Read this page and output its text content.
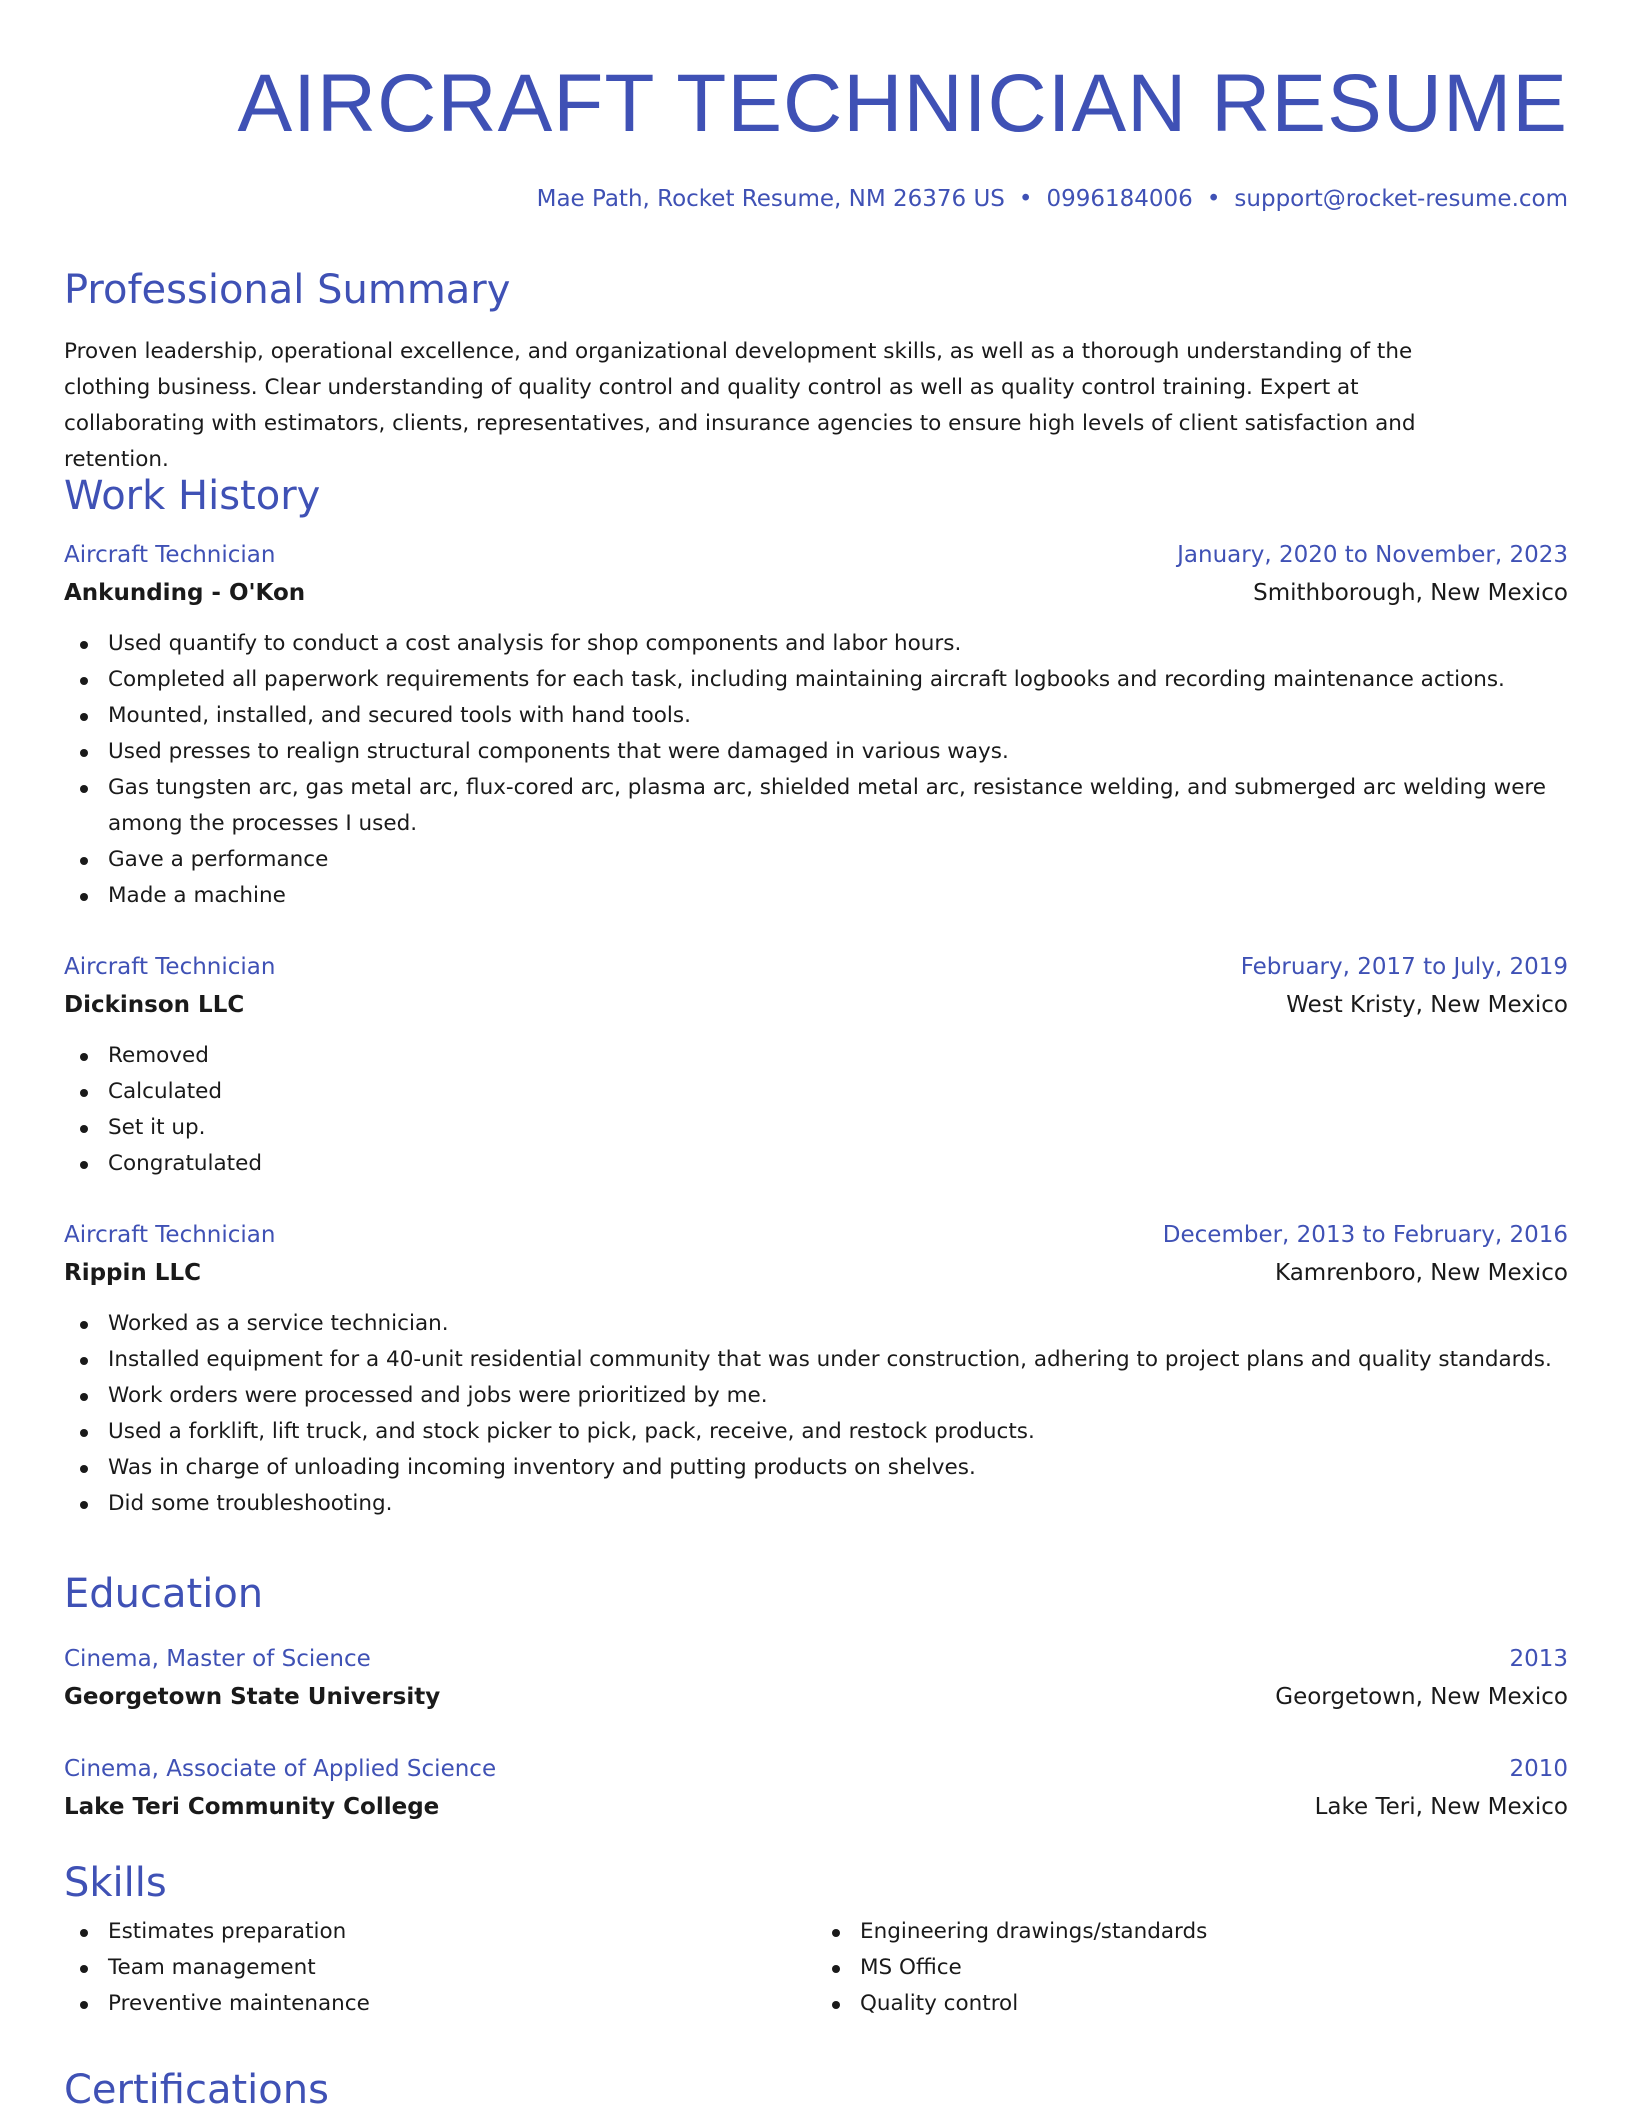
AIRCRAFT TECHNICIAN RESUME
Mae Path, Rocket Resume, NM 26376 US • 0996184006 • support@rocket-resume.com
Professional Summary

Proven leadership, operational excellence, and organizational development skills, as well as a thorough understanding of the clothing business. Clear understanding of quality control and quality control as well as quality control training. Expert at collaborating with estimators, clients, representatives, and insurance agencies to ensure high levels of client satisfaction and retention.

Work History
Aircraft Technician	January, 2020 to November, 2023
Ankunding - O'Kon	Smithborough, New Mexico
Used quantify to conduct a cost analysis for shop components and labor hours.
Completed all paperwork requirements for each task, including maintaining aircraft logbooks and recording maintenance actions.
Mounted, installed, and secured tools with hand tools.
Used presses to realign structural components that were damaged in various ways.
Gas tungsten arc, gas metal arc, flux-cored arc, plasma arc, shielded metal arc, resistance welding, and submerged arc welding were among the processes I used.
Gave a performance
Made a machine
Aircraft Technician	February, 2017 to July, 2019
Dickinson LLC	West Kristy, New Mexico
Removed
Calculated
Set it up.
Congratulated
Aircraft Technician	December, 2013 to February, 2016
Rippin LLC	Kamrenboro, New Mexico
Worked as a service technician.
Installed equipment for a 40-unit residential community that was under construction, adhering to project plans and quality standards.
Work orders were processed and jobs were prioritized by me.
Used a forklift, lift truck, and stock picker to pick, pack, receive, and restock products.
Was in charge of unloading incoming inventory and putting products on shelves.
Did some troubleshooting.
Education
Cinema, Master of Science	2013
Georgetown State University	Georgetown, New Mexico
Cinema, Associate of Applied Science	2010
Lake Teri Community College	Lake Teri, New Mexico
Skills
Estimates preparation
Team management
Preventive maintenance
Engineering drawings/standards
MS Office
Quality control
Certifications
